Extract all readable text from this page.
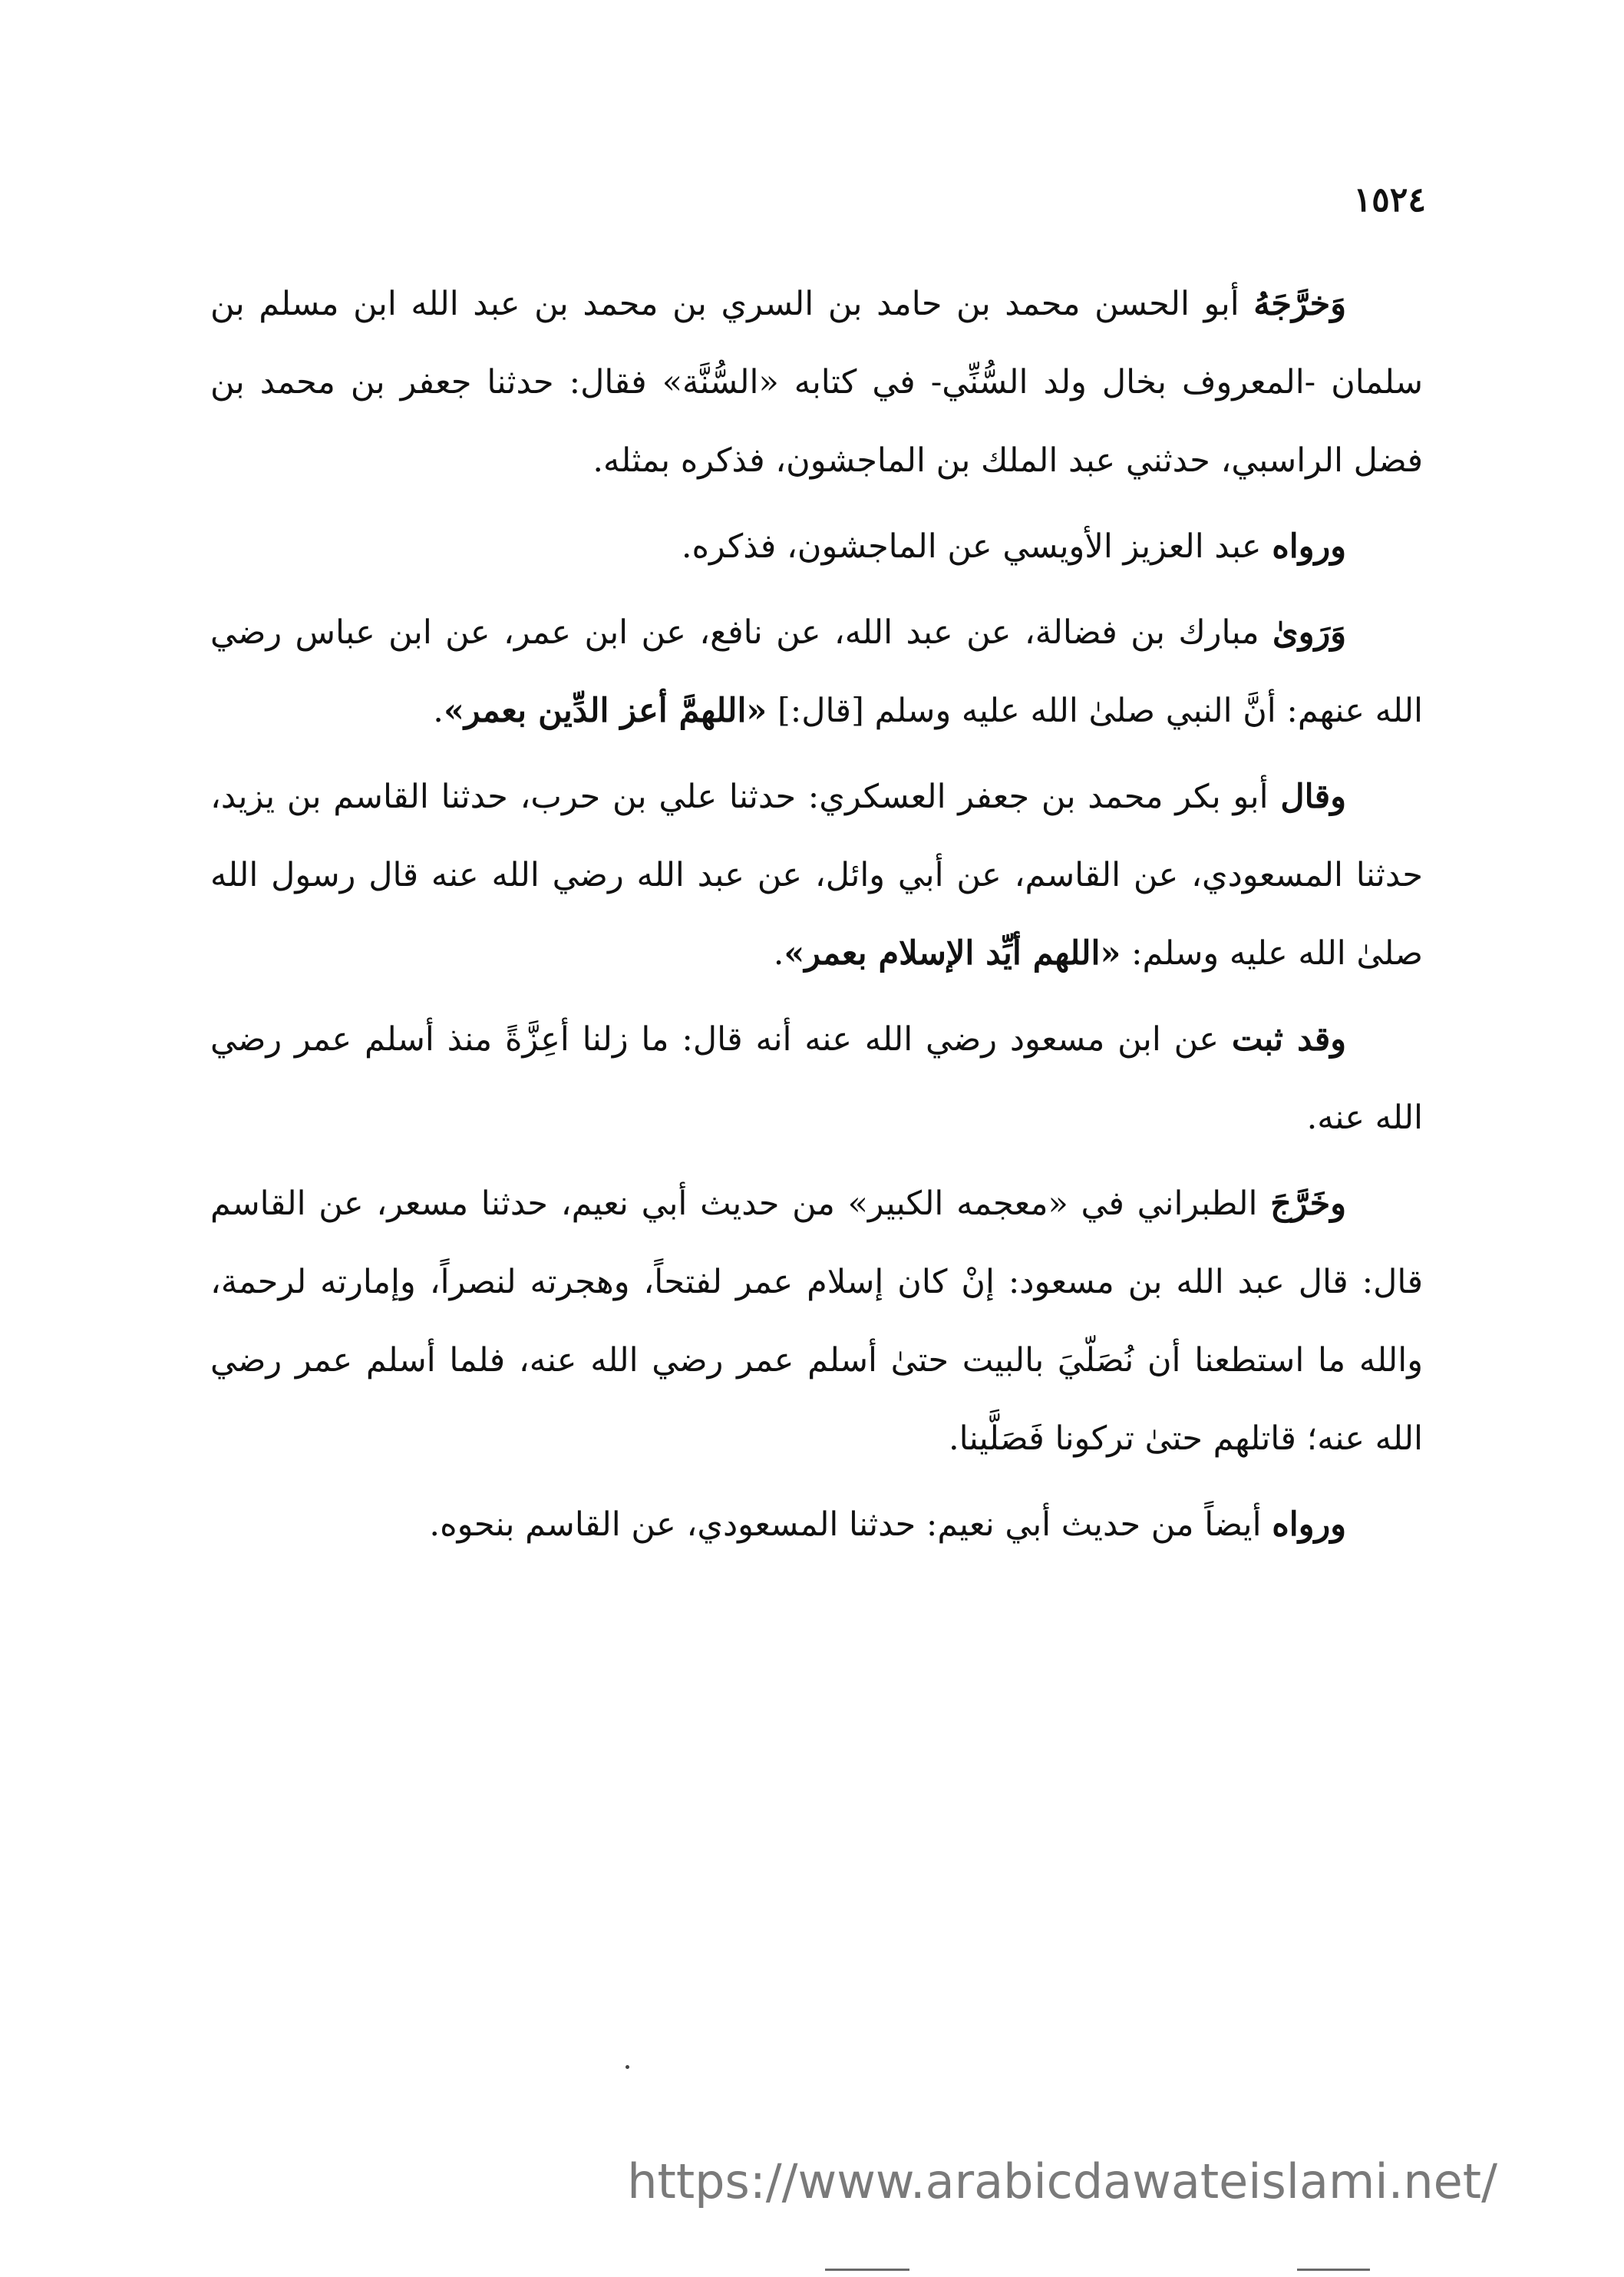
١٥٢٤

وَخرَّجَهُ أبو الحسن محمد بن حامد بن السري بن محمد بن عبد الله ابن مسلم بن سلمان -المعروف بخال ولد السُّنِّي- في كتابه «السُّنَّة» فقال: حدثنا جعفر بن محمد بن فضل الراسبي، حدثني عبد الملك بن الماجشون، فذكره بمثله.

ورواه عبد العزيز الأويسي عن الماجشون، فذكره.

وَرَوىٰ مبارك بن فضالة، عن عبد الله، عن نافع، عن ابن عمر، عن ابن عباس رضي الله عنهم: أنَّ النبي صلىٰ الله عليه وسلم [قال:] «اللهمَّ أعز الدِّين بعمر».

وقال أبو بكر محمد بن جعفر العسكري: حدثنا علي بن حرب، حدثنا القاسم بن يزيد، حدثنا المسعودي، عن القاسم، عن أبي وائل، عن عبد الله رضي الله عنه قال رسول الله صلىٰ الله عليه وسلم: «اللهم أيِّد الإسلام بعمر».

وقد ثبت عن ابن مسعود رضي الله عنه أنه قال: ما زلنا أعِزَّةً منذ أسلم عمر رضي الله عنه.

وخَرَّجَ الطبراني في «معجمه الكبير» من حديث أبي نعيم، حدثنا مسعر، عن القاسم قال: قال عبد الله بن مسعود: إنْ كان إسلام عمر لفتحاً، وهجرته لنصراً، وإمارته لرحمة، والله ما استطعنا أن نُصَلّيَ بالبيت حتىٰ أسلم عمر رضي الله عنه، فلما أسلم عمر رضي الله عنه؛ قاتلهم حتىٰ تركونا فَصَلَّينا.

ورواه أيضاً من حديث أبي نعيم: حدثنا المسعودي، عن القاسم بنحوه.

https://www.arabicdawateislami.net/
